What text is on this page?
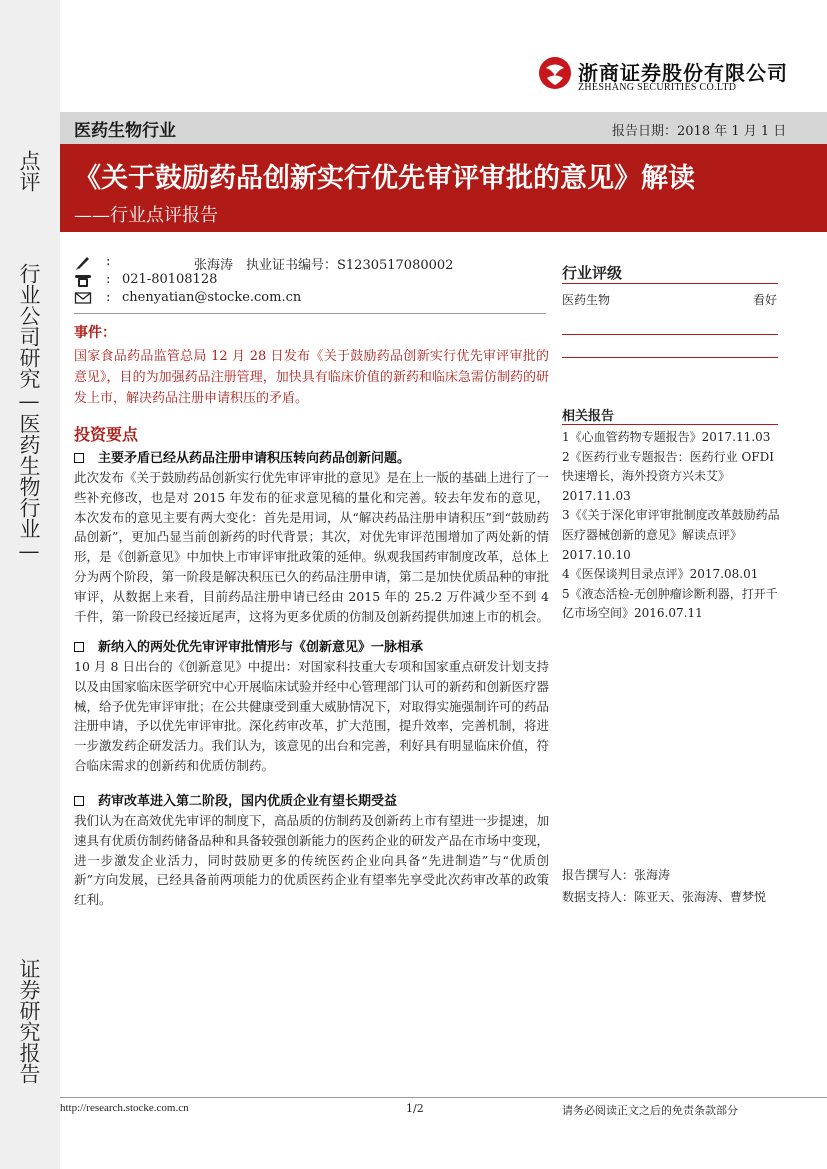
点评
行业公司研究—医药生物行业—
证券研究报告
浙商证券股份有限公司
ZHESHANG SECURITIES CO.LTD
医药生物行业	报告日期：2018 年 1 月 1 日
《关于鼓励药品创新实行优先审评审批的意见》解读
——行业点评报告
:	张海涛　执业证书编号：S1230517080002
: 021-80108128
: chenyatian@stocke.com.cn
事件：
国家食品药品监管总局 12 月 28 日发布《关于鼓励药品创新实行优先审评审批的意见》，目的为加强药品注册管理，加快具有临床价值的新药和临床急需仿制药的研发上市，解决药品注册申请积压的矛盾。
投资要点
主要矛盾已经从药品注册申请积压转向药品创新问题。
此次发布《关于鼓励药品创新实行优先审评审批的意见》是在上一版的基础上进行了一些补充修改，也是对 2015 年发布的征求意见稿的量化和完善。较去年发布的意见，本次发布的意见主要有两大变化：首先是用词，从“解决药品注册申请积压”到“鼓励药品创新”，更加凸显当前创新药的时代背景；其次，对优先审评范围增加了两处新的情形，是《创新意见》中加快上市审评审批政策的延伸。纵观我国药审制度改革，总体上分为两个阶段，第一阶段是解决积压已久的药品注册申请，第二是加快优质品种的审批审评，从数据上来看，目前药品注册申请已经由 2015 年的 25.2 万件减少至不到 4 千件，第一阶段已经接近尾声，这将为更多优质的仿制及创新药提供加速上市的机会。
新纳入的两处优先审评审批情形与《创新意见》一脉相承
10 月 8 日出台的《创新意见》中提出：对国家科技重大专项和国家重点研发计划支持以及由国家临床医学研究中心开展临床试验并经中心管理部门认可的新药和创新医疗器械，给予优先审评审批；在公共健康受到重大威胁情况下，对取得实施强制许可的药品注册申请，予以优先审评审批。深化药审改革，扩大范围，提升效率，完善机制，将进一步激发药企研发活力。我们认为，该意见的出台和完善，利好具有明显临床价值，符合临床需求的创新药和优质仿制药。
药审改革进入第二阶段，国内优质企业有望长期受益
我们认为在高效优先审评的制度下，高品质的仿制药及创新药上市有望进一步提速，加速具有优质仿制药储备品种和具备较强创新能力的医药企业的研发产品在市场中变现，进一步激发企业活力，同时鼓励更多的传统医药企业向具备“先进制造”与“优质创新”方向发展，已经具备前两项能力的优质医药企业有望率先享受此次药审改革的政策红利。
行业评级
医药生物	看好
相关报告
1《心血管药物专题报告》2017.11.03
2《医药行业专题报告：医药行业 OFDI 快速增长，海外投资方兴未艾》2017.11.03
3《《关于深化审评审批制度改革鼓励药品医疗器械创新的意见》解读点评》2017.10.10
4《医保谈判目录点评》2017.08.01
5《液态活检-无创肿瘤诊断利器，打开千亿市场空间》2016.07.11
报告撰写人：张海涛
数据支持人：陈亚天、张海涛、曹梦悦
http://research.stocke.com.cn	1/2	请务必阅读正文之后的免责条款部分
